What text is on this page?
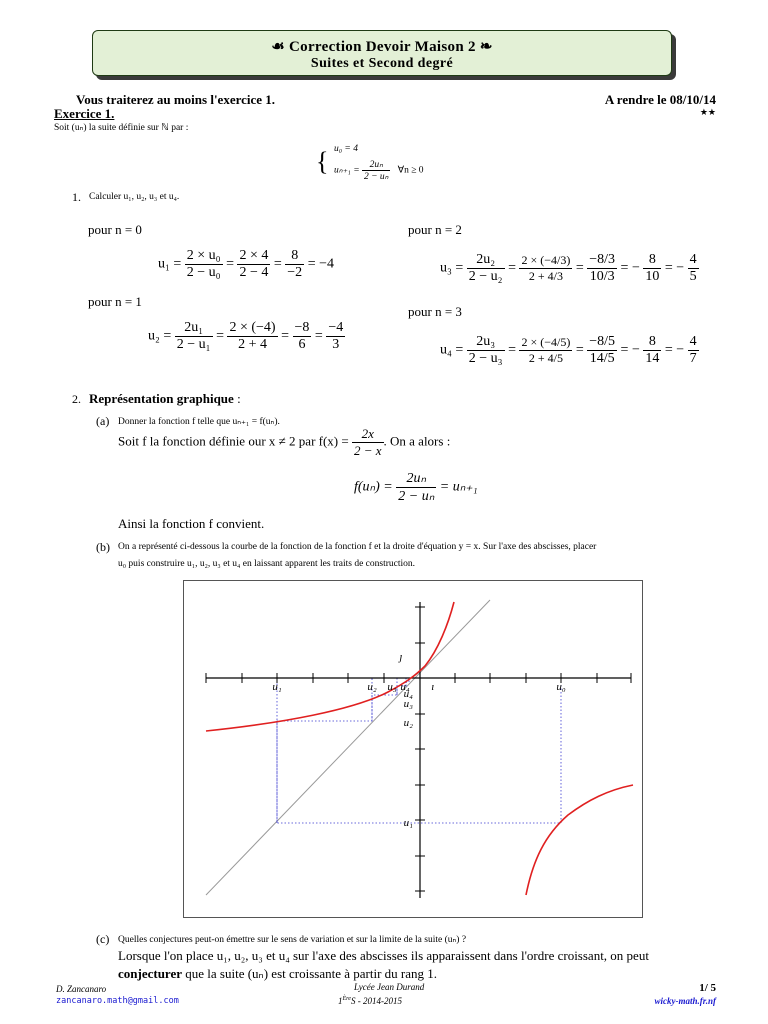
☙ Correction Devoir Maison 2 ❧
Suites et Second degré
Vous traiterez au moins l'exercice 1.	A rendre le 08/10/14
Exercice 1.	★★
Soit (uₙ) la suite définie sur ℕ par :
{ u₀ = 4
$u_{n+1} = \frac{\text{2uₙ}}{\text{2 − uₙ}}$ ∀n ≥ 0
1. Calculer u₁, u₂, u₃ et u₄.
pour n = 0	pour n = 2
pour n = 1
pour n = 3
$u_1 = \frac{\text{2 × u₀}}{\text{2 − u₀}} = \frac{2 \times 4}{2 - 4} = \frac{8}{-2} = -4$
$u_2 = \frac{\text{2u₁}}{\text{2 − u₁}} = \frac{2 \times (-4)}{2 + 4} = \frac{-8}{6} = \frac{-4}{3}$
$u_3 = \frac{\text{2u₂}}{\text{2 − u₂}} = \frac{2 \times (-4/3)}{2 + 4/3} = \frac{-8/3}{10/3}$ = − $\frac{8}{10}$ = − $\frac{4}{5}$
$u_4 = \frac{\text{2u₃}}{\text{2 − u₃}} = \frac{2 \times (-4/5)}{2 + 4/5} = \frac{-8/5}{14/5}$ = − $\frac{8}{14}$ = − $\frac{4}{7}$
2. Représentation graphique :
(a) Donner la fonction f telle que uₙ₊₁ = f(uₙ).
Soit f la fonction définie our x ≠ 2 par $f(x) = \frac{2x}{2 - x}$ . On a alors :
$f(u_n) = \frac{\text{2uₙ}}{\text{2 − uₙ}} = u_{n+1}$
Ainsi la fonction f convient.
(b) On a représenté ci-dessous la courbe de la fonction de la fonction f et la droite d'équation y = x. Sur l'axe des abscisses, placer
u₀ puis construire u₁, u₂, u₃ et u₄ en laissant apparent les traits de construction.
u₁	u₂ u₃ u₄	u₀
ı⃗
ȷ⃗
u₄
u₃
u₂
u₁
(c) Quelles conjectures peut-on émettre sur le sens de variation et sur la limite de la suite (uₙ) ?
Lorsque l'on place u₁, u₂, u₃ et u₄ sur l'axe des abscisses ils apparaissent dans l'ordre croissant, on peut
conjecturer que la suite (uₙ) est croissante à partir du rang 1.
D. Zancanaro
zancanaro.math@gmail.com
Lycée Jean Durand
1ÈreS - 2014-2015
1/ 5
wicky-math.fr.nf
